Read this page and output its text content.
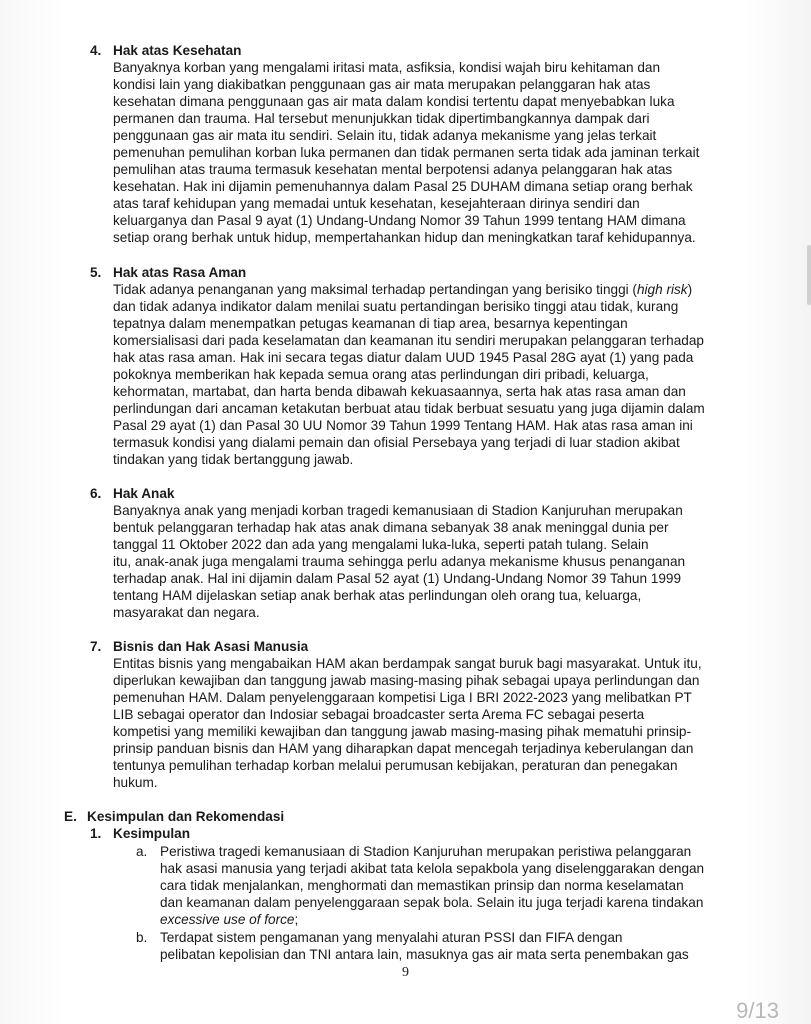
4. Hak atas Kesehatan
Banyaknya korban yang mengalami iritasi mata, asfiksia, kondisi wajah biru kehitaman dan
kondisi lain yang diakibatkan penggunaan gas air mata merupakan pelanggaran hak atas
kesehatan dimana penggunaan gas air mata dalam kondisi tertentu dapat menyebabkan luka
permanen dan trauma. Hal tersebut menunjukkan tidak dipertimbangkannya dampak dari
penggunaan gas air mata itu sendiri. Selain itu, tidak adanya mekanisme yang jelas terkait
pemenuhan pemulihan korban luka permanen dan tidak permanen serta tidak ada jaminan terkait
pemulihan atas trauma termasuk kesehatan mental berpotensi adanya pelanggaran hak atas
kesehatan. Hak ini dijamin pemenuhannya dalam Pasal 25 DUHAM dimana setiap orang berhak
atas taraf kehidupan yang memadai untuk kesehatan, kesejahteraan dirinya sendiri dan
keluarganya dan Pasal 9 ayat (1) Undang-Undang Nomor 39 Tahun 1999 tentang HAM dimana
setiap orang berhak untuk hidup, mempertahankan hidup dan meningkatkan taraf kehidupannya.
5. Hak atas Rasa Aman
Tidak adanya penanganan yang maksimal terhadap pertandingan yang berisiko tinggi (high risk)
dan tidak adanya indikator dalam menilai suatu pertandingan berisiko tinggi atau tidak, kurang
tepatnya dalam menempatkan petugas keamanan di tiap area, besarnya kepentingan
komersialisasi dari pada keselamatan dan keamanan itu sendiri merupakan pelanggaran terhadap
hak atas rasa aman. Hak ini secara tegas diatur dalam UUD 1945 Pasal 28G ayat (1) yang pada
pokoknya memberikan hak kepada semua orang atas perlindungan diri pribadi, keluarga,
kehormatan, martabat, dan harta benda dibawah kekuasaannya, serta hak atas rasa aman dan
perlindungan dari ancaman ketakutan berbuat atau tidak berbuat sesuatu yang juga dijamin dalam
Pasal 29 ayat (1) dan Pasal 30 UU Nomor 39 Tahun 1999 Tentang HAM. Hak atas rasa aman ini
termasuk kondisi yang dialami pemain dan ofisial Persebaya yang terjadi di luar stadion akibat
tindakan yang tidak bertanggung jawab.
6. Hak Anak
Banyaknya anak yang menjadi korban tragedi kemanusiaan di Stadion Kanjuruhan merupakan
bentuk pelanggaran terhadap hak atas anak dimana sebanyak 38 anak meninggal dunia per
tanggal 11 Oktober 2022 dan ada yang mengalami luka-luka, seperti patah tulang. Selain
itu, anak-anak juga mengalami trauma sehingga perlu adanya mekanisme khusus penanganan
terhadap anak. Hal ini dijamin dalam Pasal 52 ayat (1) Undang-Undang Nomor 39 Tahun 1999
tentang HAM dijelaskan setiap anak berhak atas perlindungan oleh orang tua, keluarga,
masyarakat dan negara.
7. Bisnis dan Hak Asasi Manusia
Entitas bisnis yang mengabaikan HAM akan berdampak sangat buruk bagi masyarakat. Untuk itu,
diperlukan kewajiban dan tanggung jawab masing-masing pihak sebagai upaya perlindungan dan
pemenuhan HAM. Dalam penyelenggaraan kompetisi Liga I BRI 2022-2023 yang melibatkan PT
LIB sebagai operator dan Indosiar sebagai broadcaster serta Arema FC sebagai peserta
kompetisi yang memiliki kewajiban dan tanggung jawab masing-masing pihak mematuhi prinsip-
prinsip panduan bisnis dan HAM yang diharapkan dapat mencegah terjadinya keberulangan dan
tentunya pemulihan terhadap korban melalui perumusan kebijakan, peraturan dan penegakan
hukum.
E. Kesimpulan dan Rekomendasi
1. Kesimpulan
a. Peristiwa tragedi kemanusiaan di Stadion Kanjuruhan merupakan peristiwa pelanggaran
hak asasi manusia yang terjadi akibat tata kelola sepakbola yang diselenggarakan dengan
cara tidak menjalankan, menghormati dan memastikan prinsip dan norma keselamatan
dan keamanan dalam penyelenggaraan sepak bola. Selain itu juga terjadi karena tindakan
excessive use of force;
b. Terdapat sistem pengamanan yang menyalahi aturan PSSI dan FIFA dengan
pelibatan kepolisian dan TNI antara lain, masuknya gas air mata serta penembakan gas
9
9/13
